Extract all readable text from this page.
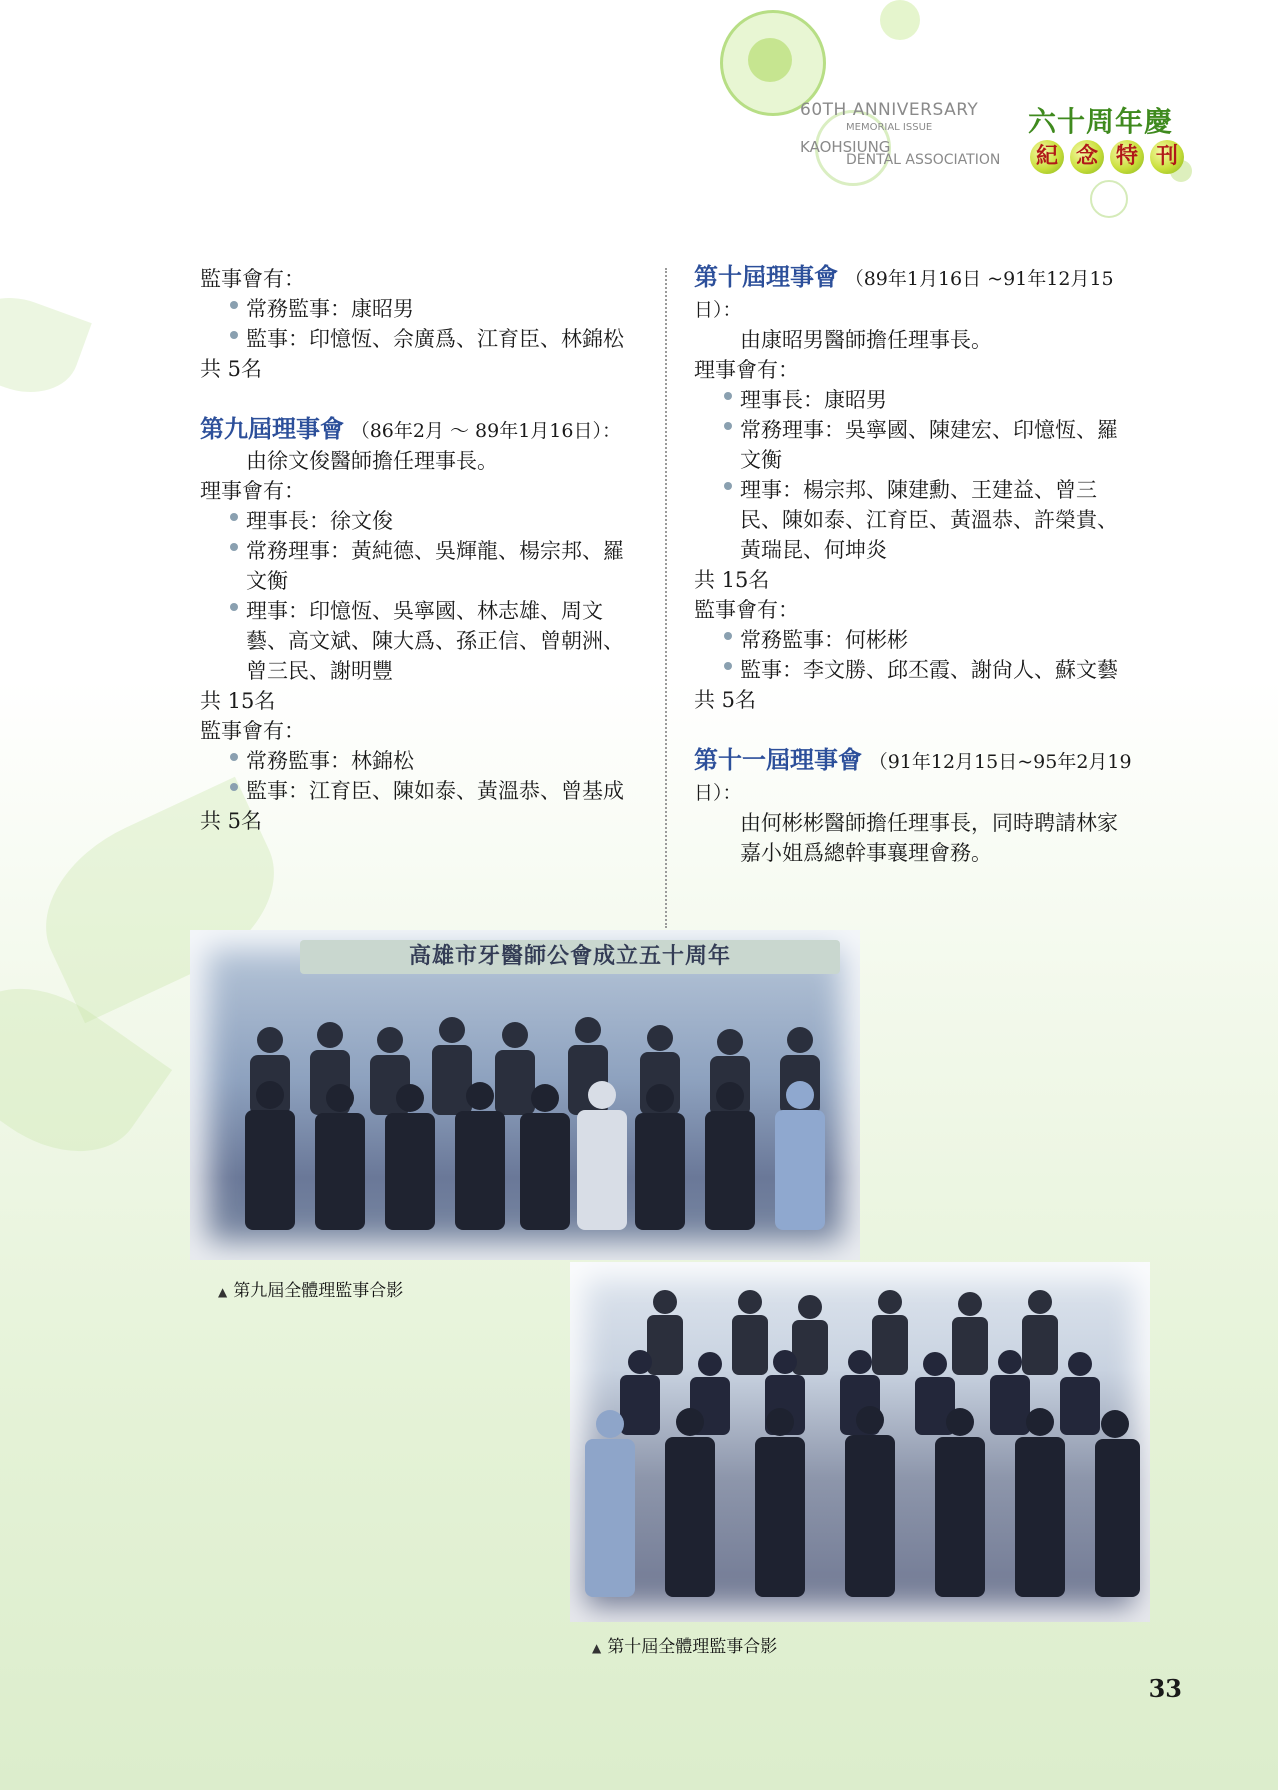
60TH ANNIVERSARY
MEMORIAL ISSUE
KAOHSIUNG
DENTAL ASSOCIATION
六十周年慶
紀 念 特 刊

監事會有：

常務監事：康昭男

監事：印憶恆、佘廣爲、江育臣、林錦松

共 5名

第九屆理事會 （86年2月 ～ 89年1月16日）：

由徐文俊醫師擔任理事長。

理事會有：

理事長：徐文俊

常務理事：黃純德、吳輝龍、楊宗邦、羅文衡

理事：印憶恆、吳寧國、林志雄、周文藝、高文斌、陳大爲、孫正信、曾朝洲、曾三民、謝明豐

共 15名

監事會有：

常務監事：林錦松

監事：江育臣、陳如泰、黃溫恭、曾基成

共 5名

第十屆理事會 （89年1月16日 ~91年12月15日）：

由康昭男醫師擔任理事長。

理事會有：

理事長：康昭男

常務理事：吳寧國、陳建宏、印憶恆、羅文衡

理事：楊宗邦、陳建勳、王建益、曾三民、陳如泰、江育臣、黃溫恭、許榮貴、黃瑞昆、何坤炎

共 15名

監事會有：

常務監事：何彬彬

監事：李文勝、邱丕霞、謝尙人、蘇文藝

共 5名

第十一屆理事會 （91年12月15日~95年2月19日）：

由何彬彬醫師擔任理事長，同時聘請林家嘉小姐爲總幹事襄理會務。

高雄市牙醫師公會成立五十周年
▲ 第九屆全體理監事合影
▲ 第十屆全體理監事合影
33
